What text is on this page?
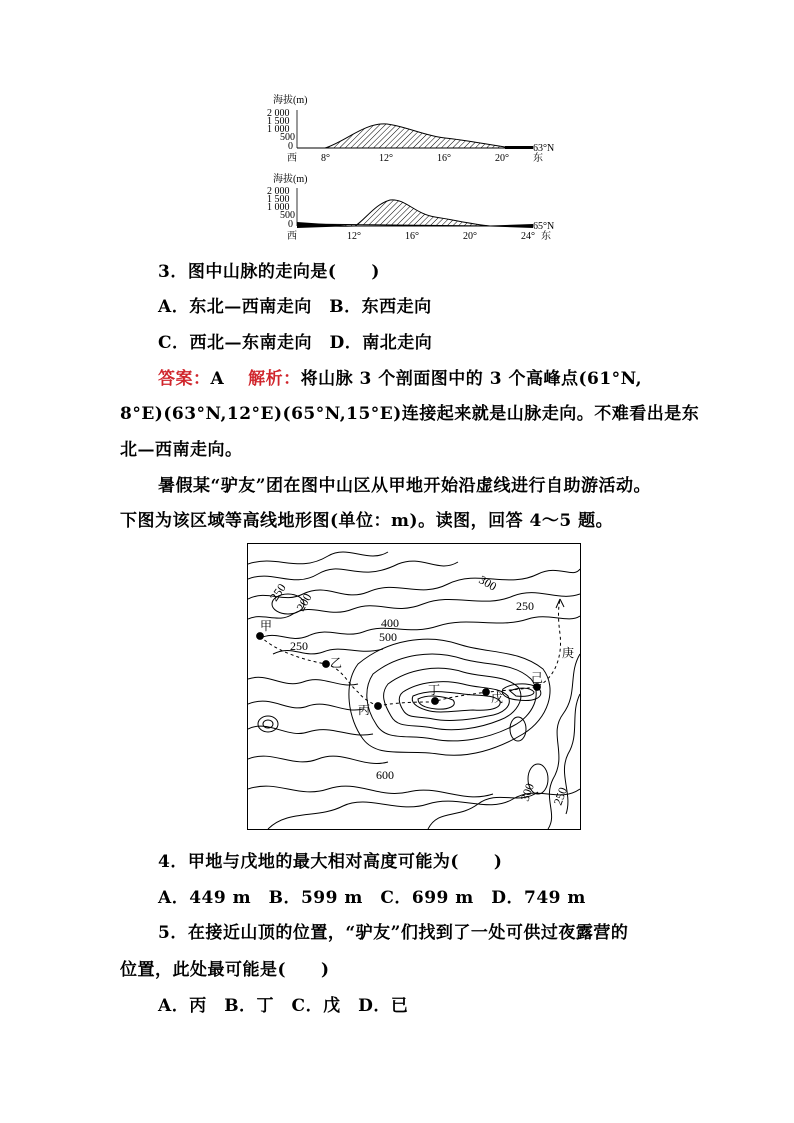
海拔(m)
2 000
1 500
1 000
500
0	63°N
西 8°	12°	16°	20° 东
海拔(m)
2 000
1 500
1 000
500
0	65°N
西	12°	16°	20°	24° 东
3．图中山脉的走向是(　　)
A．东北—西南走向　 B．东西走向
C．西北—东南走向　 D．南北走向
答案：A　 解析：将山脉 3 个剖面图中的 3 个高峰点(61°N,
8°E)(63°N,12°E)(65°N,15°E)连接起来就是山脉走向。不难看出是东
北—西南走向。
暑假某“驴友”团在图中山区从甲地开始沿虚线进行自助游活动。
下图为该区域等高线地形图(单位：m)。读图，回答 4～5 题。
250 200
300
250
400
500
250
600
300 250
甲
乙
丙
丁
戊
己
庚
4．甲地与戊地的最大相对高度可能为(　　)
A．449 m　B．599 m　C．699 m　D．749 m
5．在接近山顶的位置，“驴友”们找到了一处可供过夜露营的
位置，此处最可能是(　　)
A．丙　B．丁　C．戊　D．已
